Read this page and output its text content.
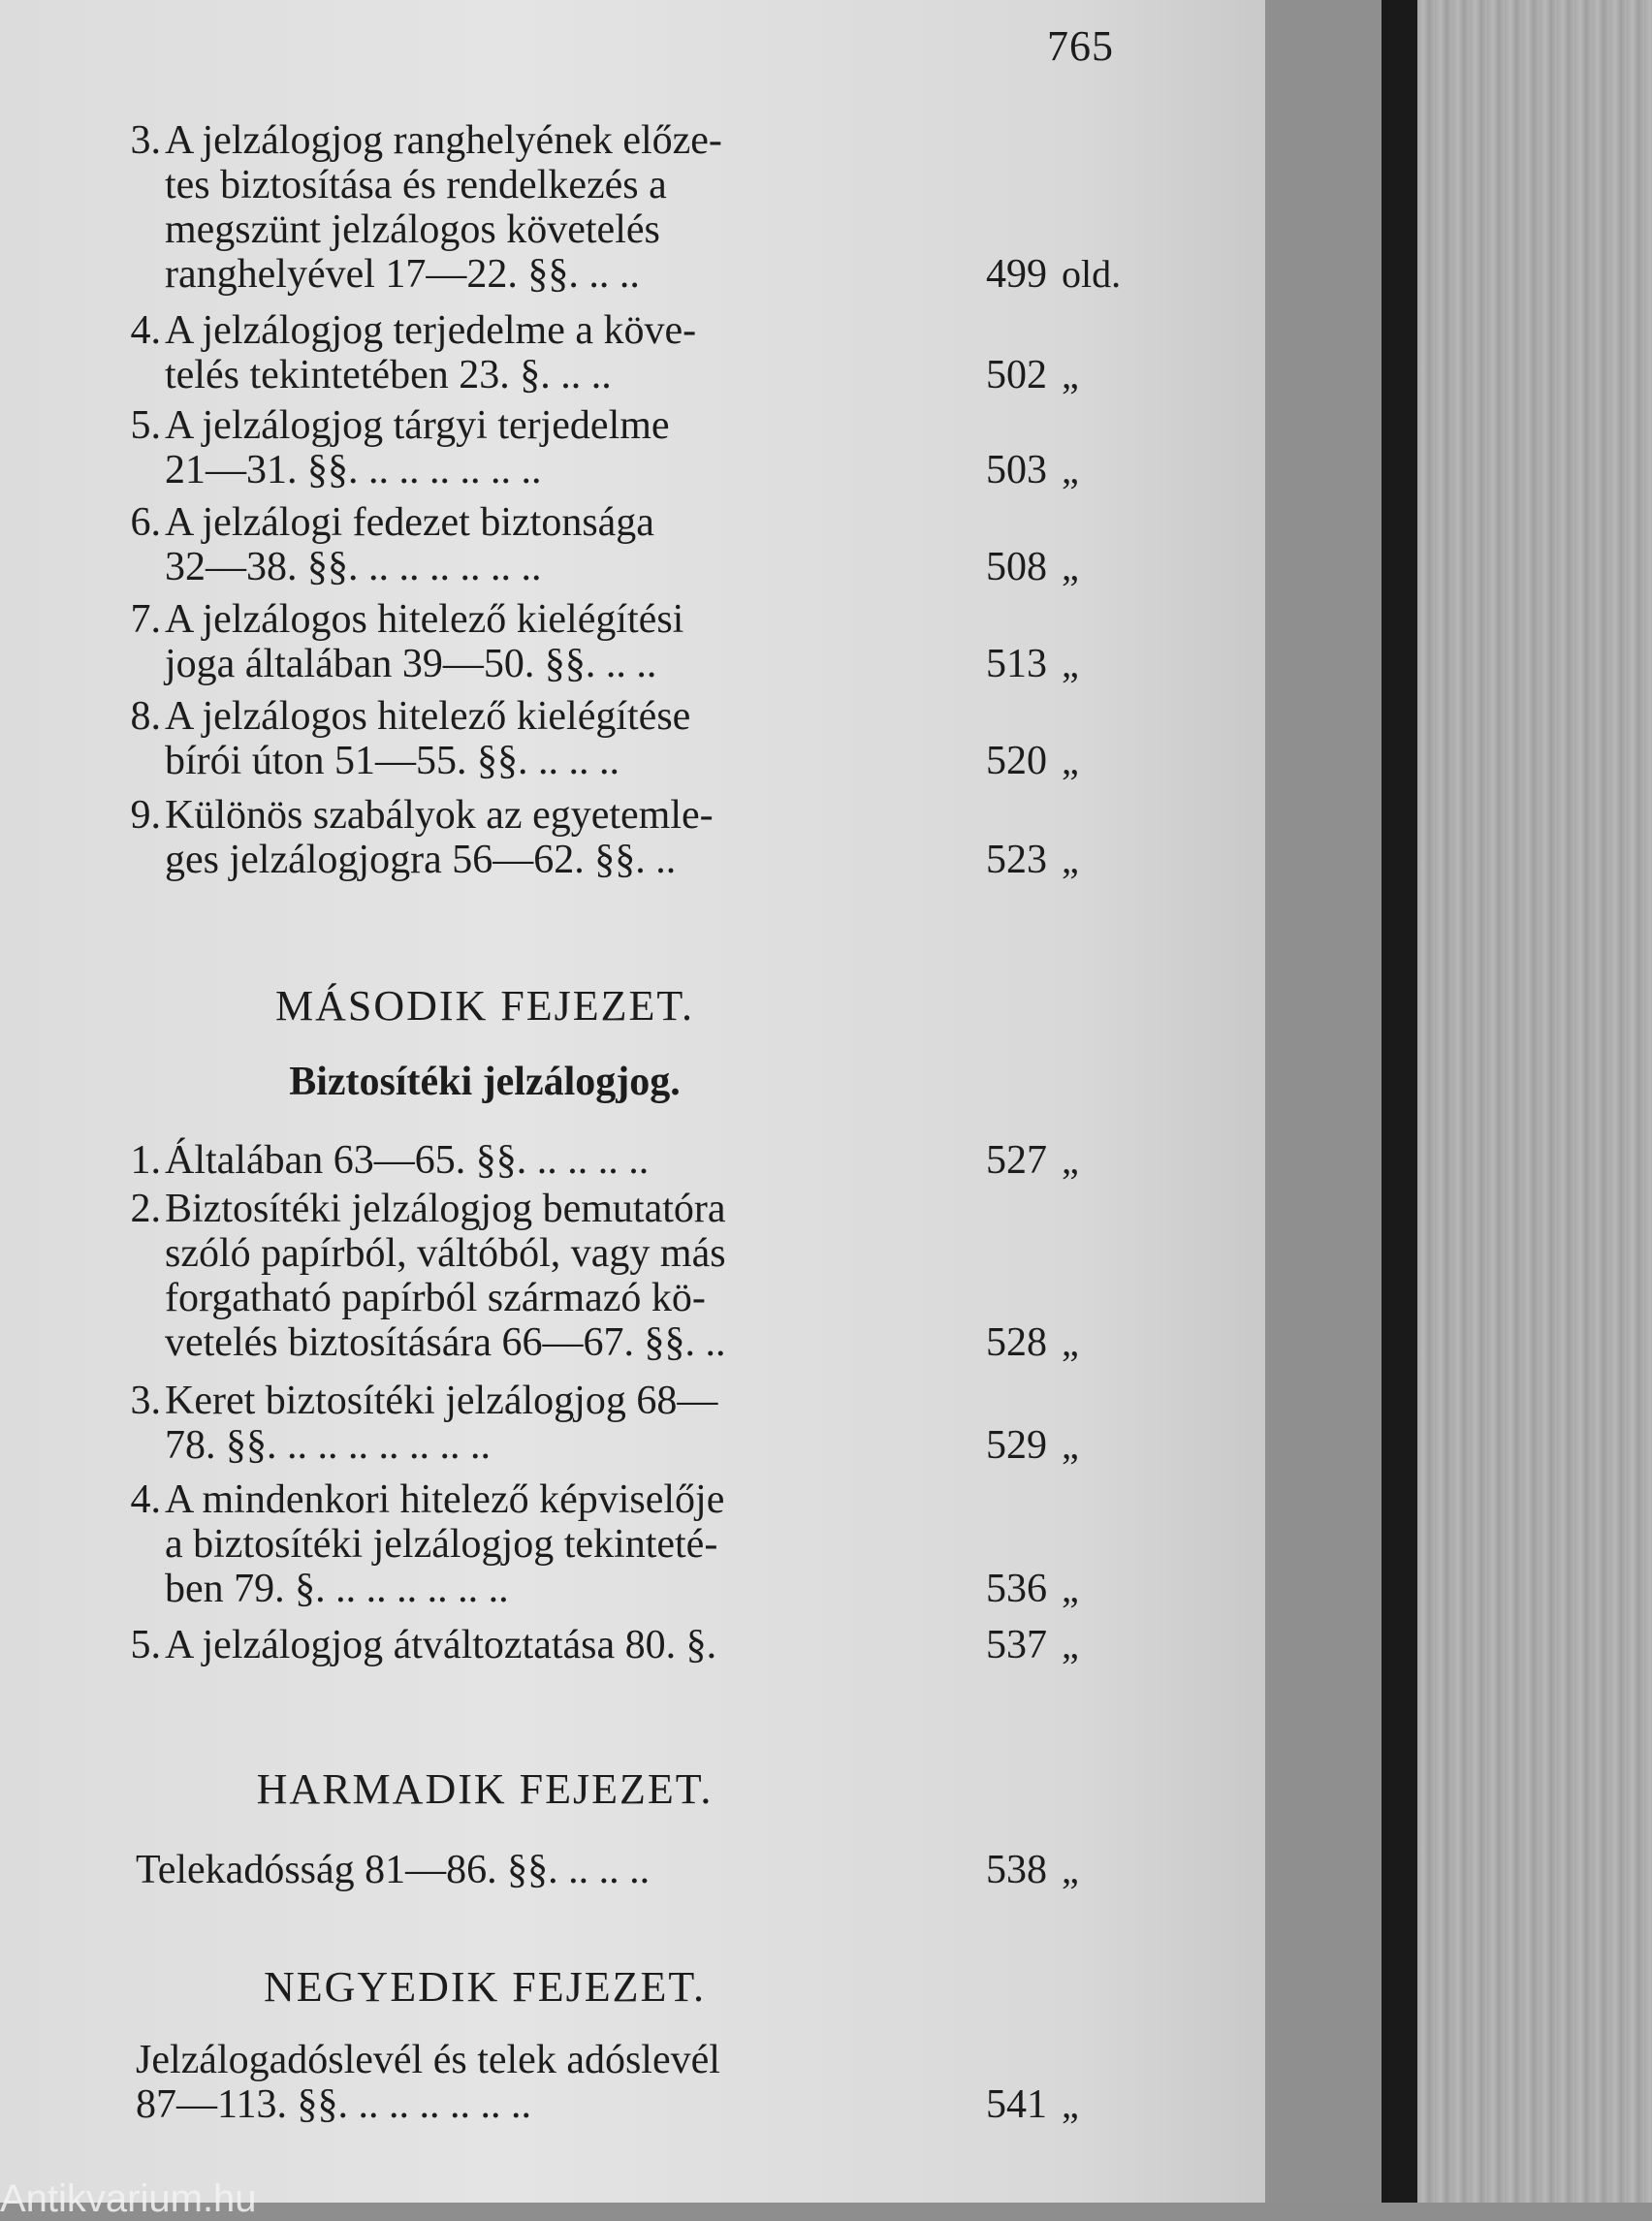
765
3. A jelzálogjog ranghelyének előze-
tes biztosítása és rendelkezés a
megszünt jelzálogos követelés
ranghelyével 17—22. §§. .. ..	499 old.
4. A jelzálogjog terjedelme a köve-
telés tekintetében 23. §. .. ..	502 „
5. A jelzálogjog tárgyi terjedelme
21—31. §§. .. .. .. .. .. ..	503 „
6. A jelzálogi fedezet biztonsága
32—38. §§. .. .. .. .. .. ..	508 „
7. A jelzálogos hitelező kielégítési
joga általában 39—50. §§. .. ..	513 „
8. A jelzálogos hitelező kielégítése
bírói úton 51—55. §§. .. .. ..	520 „
9. Különös szabályok az egyetemle-
ges jelzálogjogra 56—62. §§. ..	523 „
MÁSODIK FEJEZET.
Biztosítéki jelzálogjog.
1. Általában 63—65. §§. .. .. .. ..	527 „
2. Biztosítéki jelzálogjog bemutatóra
szóló papírból, váltóból, vagy más
forgatható papírból származó kö-
vetelés biztosítására 66—67. §§. ..	528 „
3. Keret biztosítéki jelzálogjog 68—
78. §§. .. .. .. .. .. .. ..	529 „
4. A mindenkori hitelező képviselője
a biztosítéki jelzálogjog tekinteté-
ben 79. §. .. .. .. .. .. ..	536 „
5. A jelzálogjog átváltoztatása 80. §.	537 „
HARMADIK FEJEZET.
Telekadósság 81—86. §§. .. .. ..	538 „
NEGYEDIK FEJEZET.
Jelzálogadóslevél és telek adóslevél
87—113. §§. .. .. .. .. .. ..	541 „
Antikvarium.hu
